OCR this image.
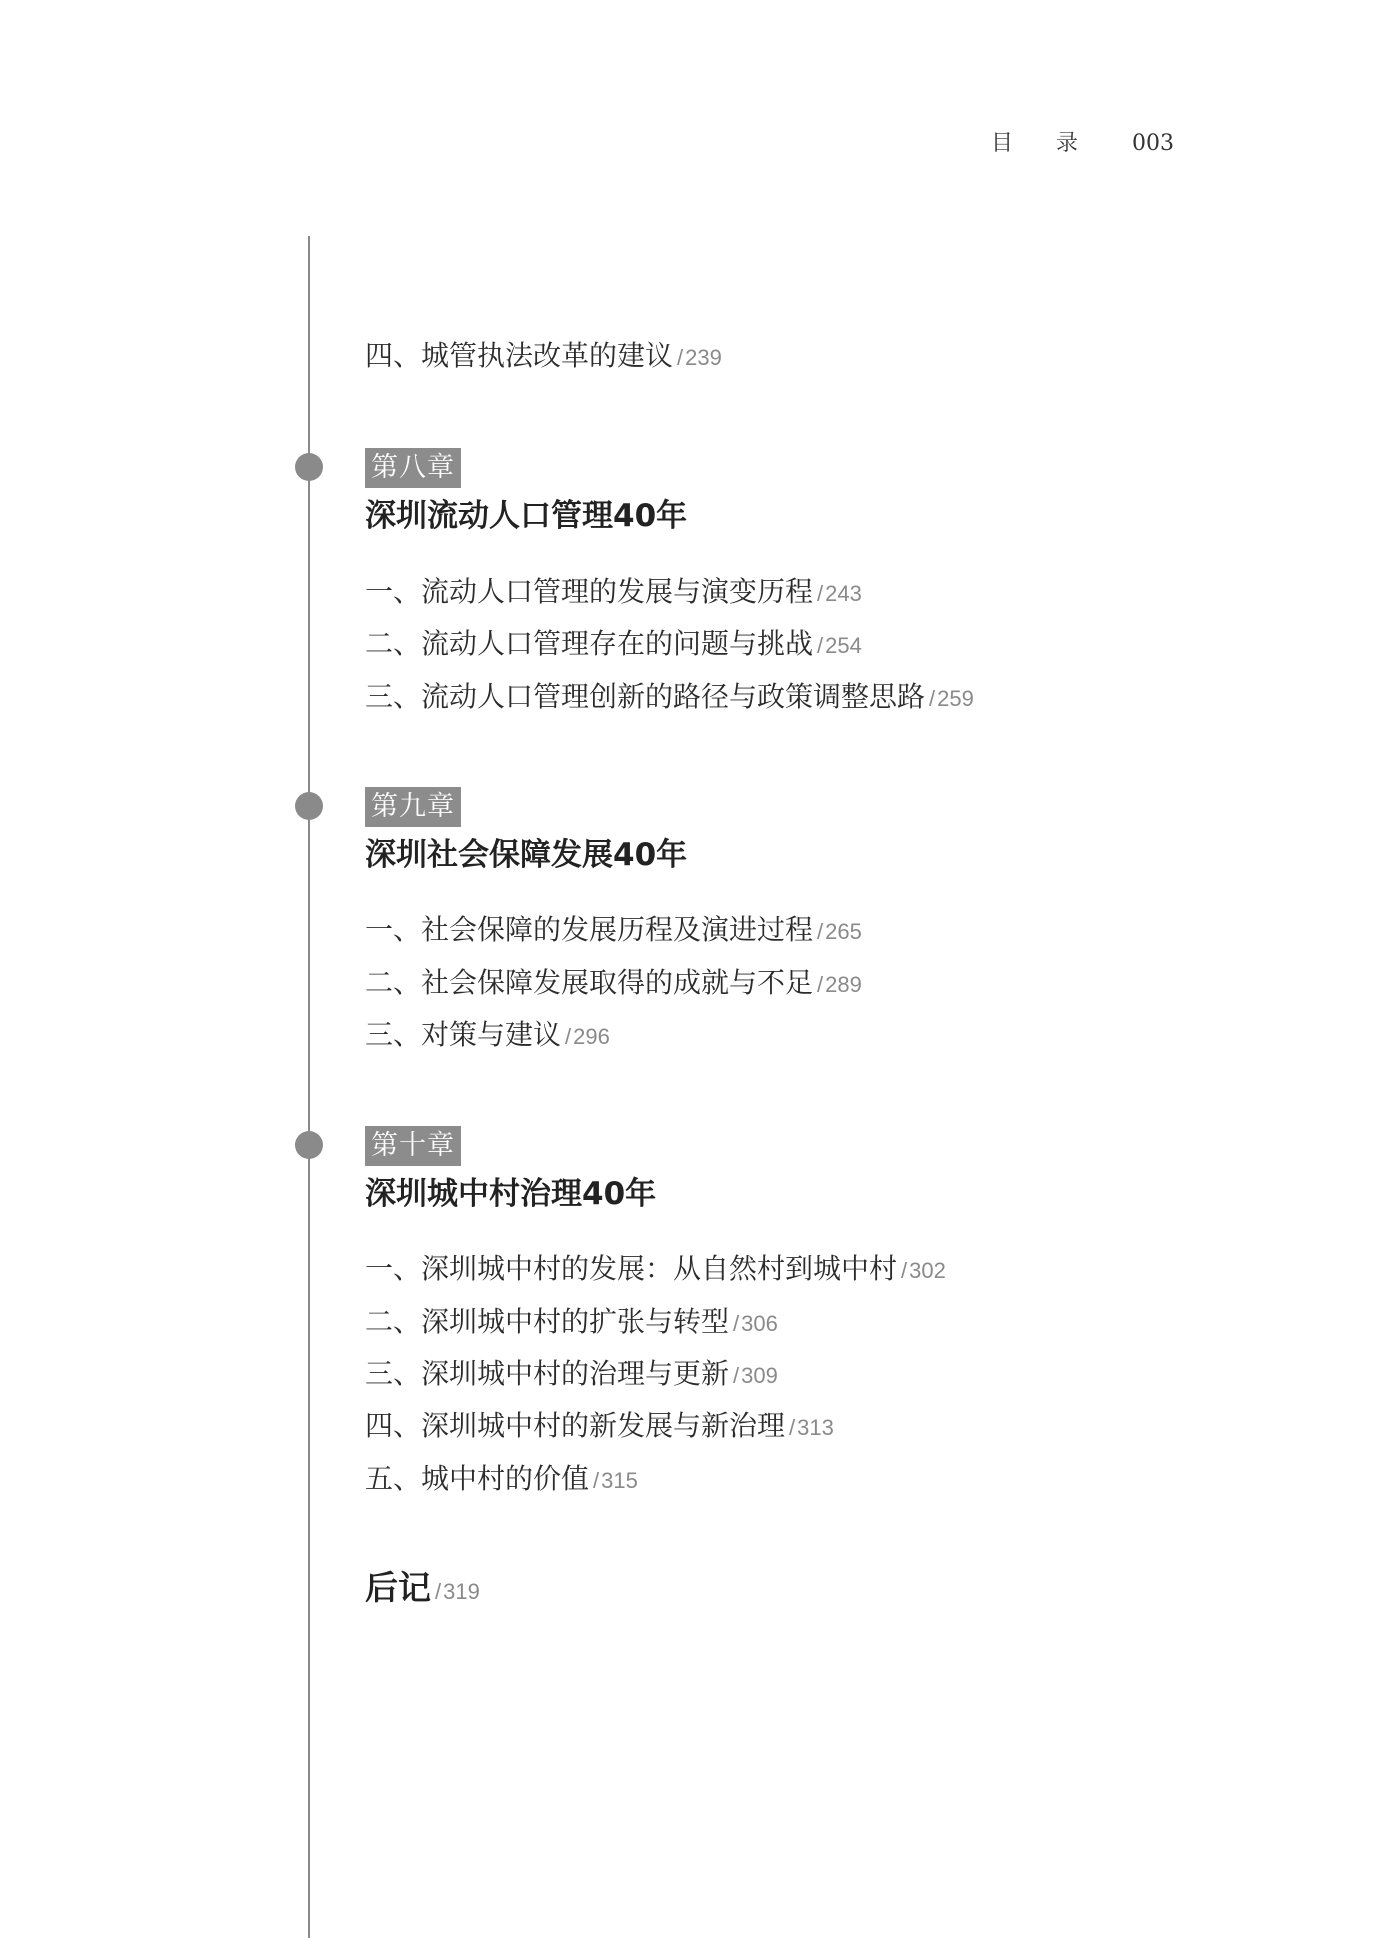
目 录 003
四、城管执法改革的建议 /239
第八章
深圳流动人口管理40年
一、流动人口管理的发展与演变历程 /243
二、流动人口管理存在的问题与挑战 /254
三、流动人口管理创新的路径与政策调整思路 /259
第九章
深圳社会保障发展40年
一、社会保障的发展历程及演进过程 /265
二、社会保障发展取得的成就与不足 /289
三、对策与建议 /296
第十章
深圳城中村治理40年
一、深圳城中村的发展：从自然村到城中村 /302
二、深圳城中村的扩张与转型 /306
三、深圳城中村的治理与更新 /309
四、深圳城中村的新发展与新治理 /313
五、城中村的价值 /315
后记 /319
